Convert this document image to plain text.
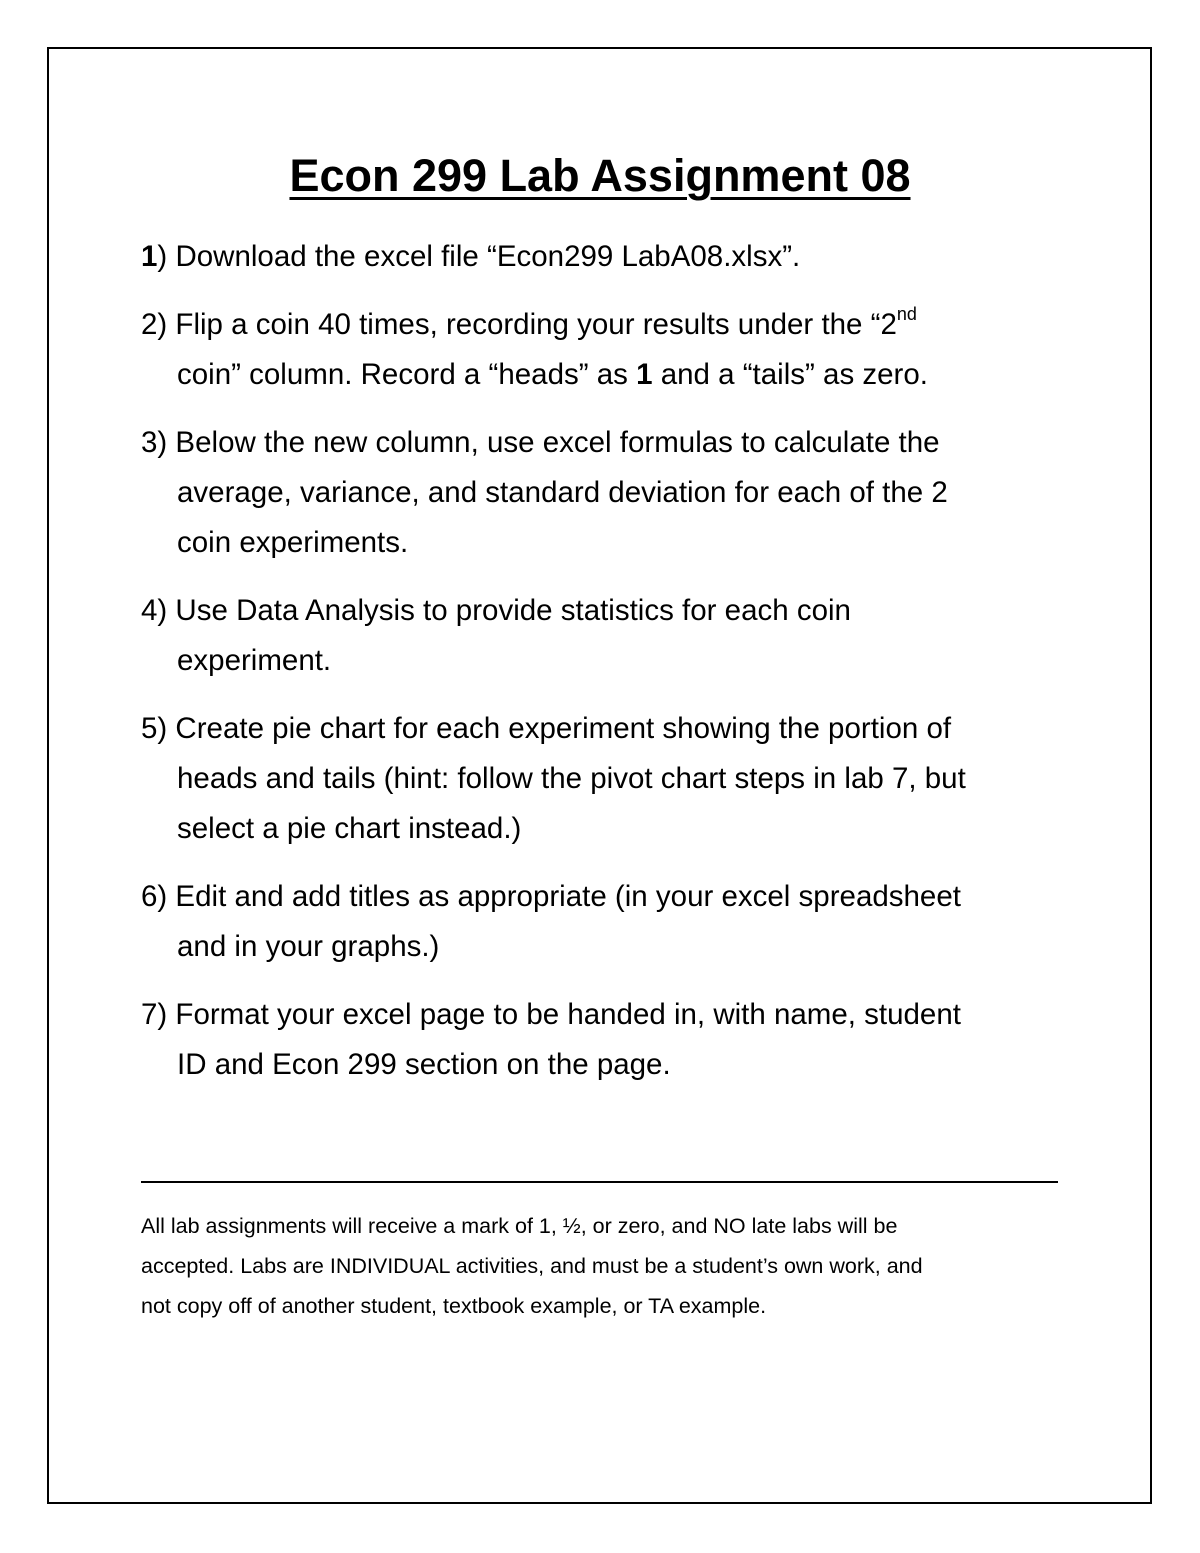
Econ 299 Lab Assignment 08
1) Download the excel file “Econ299 LabA08.xlsx”.
2) Flip a coin 40 times, recording your results under the “2nd
coin” column. Record a “heads” as 1 and a “tails” as zero.
3) Below the new column, use excel formulas to calculate the
average, variance, and standard deviation for each of the 2
coin experiments.
4) Use Data Analysis to provide statistics for each coin
experiment.
5) Create pie chart for each experiment showing the portion of
heads and tails (hint: follow the pivot chart steps in lab 7, but
select a pie chart instead.)
6) Edit and add titles as appropriate (in your excel spreadsheet
and in your graphs.)
7) Format your excel page to be handed in, with name, student
ID and Econ 299 section on the page.

All lab assignments will receive a mark of 1, ½, or zero, and NO late labs will be
accepted. Labs are INDIVIDUAL activities, and must be a student’s own work, and
not copy off of another student, textbook example, or TA example.
